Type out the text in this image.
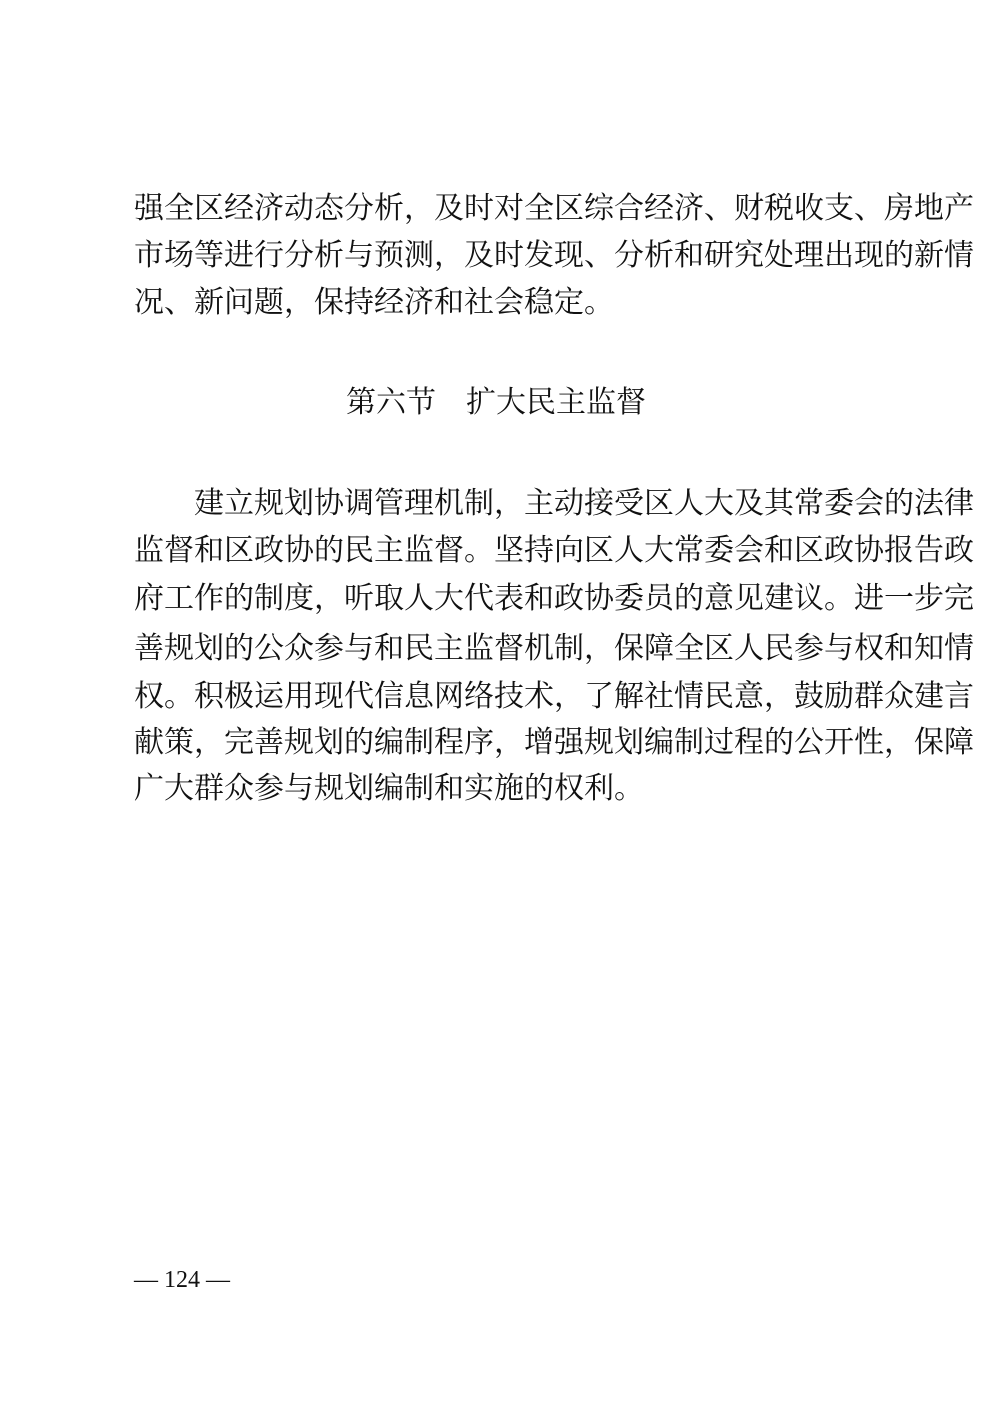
强全区经济动态分析，及时对全区综合经济、财税收支、房地产
市场等进行分析与预测，及时发现、分析和研究处理出现的新情
况、新问题，保持经济和社会稳定。
第六节　扩大民主监督
　　建立规划协调管理机制，主动接受区人大及其常委会的法律
监督和区政协的民主监督。坚持向区人大常委会和区政协报告政
府工作的制度，听取人大代表和政协委员的意见建议。进一步完
善规划的公众参与和民主监督机制，保障全区人民参与权和知情
权。积极运用现代信息网络技术，了解社情民意，鼓励群众建言
献策，完善规划的编制程序，增强规划编制过程的公开性，保障
广大群众参与规划编制和实施的权利。
— 124 —
